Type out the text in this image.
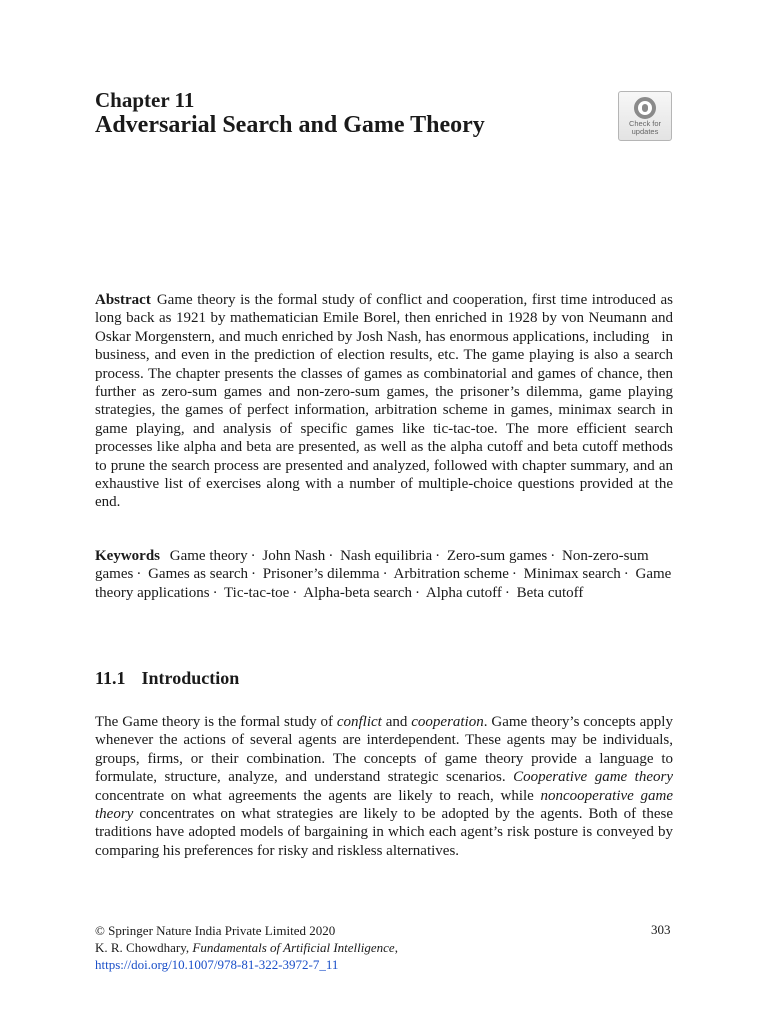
Chapter 11
Adversarial Search and Game Theory	Check for
updates

Abstract Game theory is the formal study of conflict and cooperation, first time introduced as long back as 1921 by mathematician Emile Borel, then enriched in 1928 by von Neumann and Oskar Morgenstern, and much enriched by Josh Nash, has enormous applications, including   in business, and even in the prediction of election results, etc. The game playing is also a search process. The chapter presents the classes of games as combinatorial and games of chance, then further as zero-sum games and non-zero-sum games, the prisoner’s dilemma, game playing strategies, the games of perfect information, arbitration scheme in games, minimax search in game playing, and analysis of specific games like tic-tac-toe. The more efficient search processes like alpha and beta are presented, as well as the alpha cutoff and beta cutoff methods to prune the search process are presented and analyzed, followed with chapter summary, and an exhaustive list of exercises along with a number of multiple-choice questions provided at the end.

Keywords Game theory · John Nash · Nash equilibria · Zero-sum games · Non-zero-sum games · Games as search · Prisoner’s dilemma · Arbitration scheme · Minimax search · Game theory applications · Tic-tac-toe · Alpha-beta search · Alpha cutoff · Beta cutoff

11.1 Introduction

The Game theory is the formal study of conflict and cooperation. Game theory’s concepts apply whenever the actions of several agents are interdependent. These agents may be individuals, groups, firms, or their combination. The concepts of game theory provide a language to formulate, structure, analyze, and understand strategic scenarios. Cooperative game theory concentrate on what agreements the agents are likely to reach, while noncooperative game theory concentrates on what strategies are likely to be adopted by the agents. Both of these traditions have adopted models of bargaining in which each agent’s risk posture is conveyed by comparing his preferences for risky and riskless alternatives.

© Springer Nature India Private Limited 2020
K. R. Chowdhary, Fundamentals of Artificial Intelligence,
https://doi.org/10.1007/978-81-322-3972-7_11
303
